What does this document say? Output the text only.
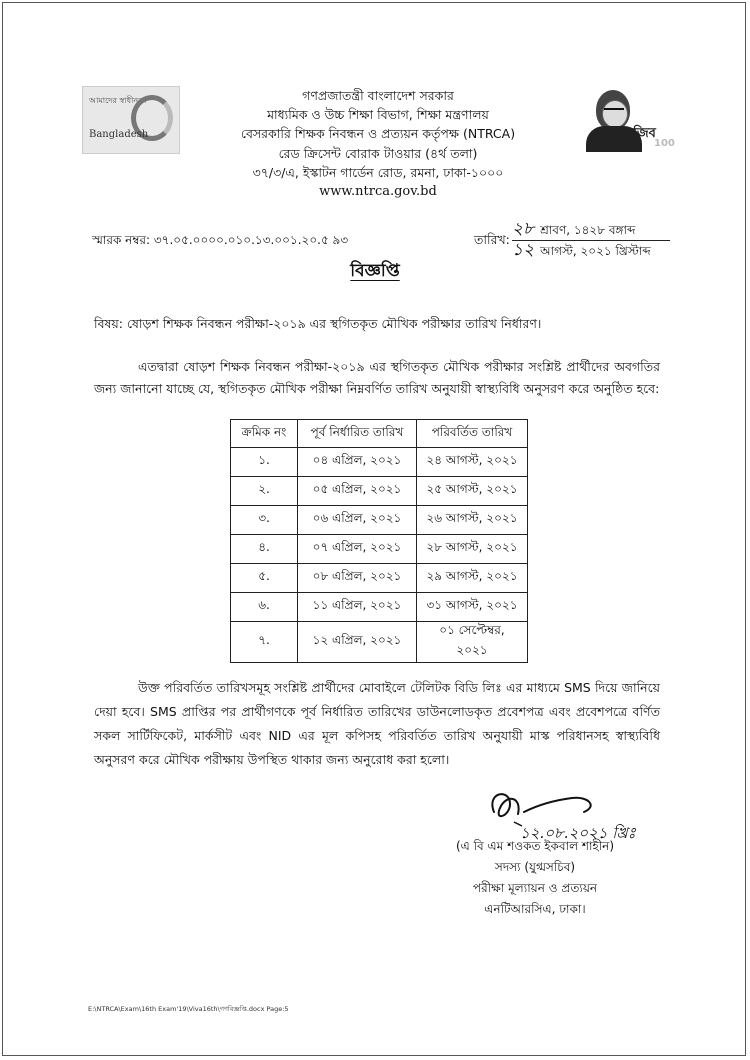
আমাদের স্বাধীনতা
Bangladesh	মুজিব
100
গণপ্রজাতন্ত্রী বাংলাদেশ সরকার
মাধ্যমিক ও উচ্চ শিক্ষা বিভাগ, শিক্ষা মন্ত্রণালয়
বেসরকারি শিক্ষক নিবন্ধন ও প্রত্যয়ন কর্তৃপক্ষ (NTRCA)
রেড ক্রিসেন্ট বোরাক টাওয়ার (৪র্থ তলা)
৩৭/৩/এ, ইস্কাটন গার্ডেন রোড, রমনা, ঢাকা-১০০০
www.ntrca.gov.bd
স্মারক নম্বর: ৩৭.০৫.০০০০.০১০.১৩.০০১.২০.৫ ৯৩	তারিখ:
২৮ শ্রাবণ, ১৪২৮ বঙ্গাব্দ
১২ আগস্ট, ২০২১ খ্রিস্টাব্দ
বিজ্ঞপ্তি
বিষয়: ষোড়শ শিক্ষক নিবন্ধন পরীক্ষা-২০১৯ এর স্থগিতকৃত মৌখিক পরীক্ষার তারিখ নির্ধারণ।
এতদ্বারা ষোড়শ শিক্ষক নিবন্ধন পরীক্ষা-২০১৯ এর স্থগিতকৃত মৌখিক পরীক্ষার সংশ্লিষ্ট প্রার্থীদের অবগতির জন্য জানানো যাচ্ছে যে, স্থগিতকৃত মৌখিক পরীক্ষা নিম্নবর্ণিত তারিখ অনুযায়ী স্বাস্থ্যবিধি অনুসরণ করে অনুষ্ঠিত হবে:
ক্রমিক নং	পূর্ব নির্ধারিত তারিখ	পরিবর্তিত তারিখ
১.	০৪ এপ্রিল, ২০২১	২৪ আগস্ট, ২০২১
২.	০৫ এপ্রিল, ২০২১	২৫ আগস্ট, ২০২১
৩.	০৬ এপ্রিল, ২০২১	২৬ আগস্ট, ২০২১
৪.	০৭ এপ্রিল, ২০২১	২৮ আগস্ট, ২০২১
৫.	০৮ এপ্রিল, ২০২১	২৯ আগস্ট, ২০২১
৬.	১১ এপ্রিল, ২০২১	৩১ আগস্ট, ২০২১
৭.	১২ এপ্রিল, ২০২১	০১ সেপ্টেম্বর, ২০২১
উক্ত পরিবর্তিত তারিখসমূহ সংশ্লিষ্ট প্রার্থীদের মোবাইলে টেলিটক বিডি লিঃ এর মাধ্যমে SMS দিয়ে জানিয়ে দেয়া হবে। SMS প্রাপ্তির পর প্রার্থীগণকে পূর্ব নির্ধারিত তারিখের ডাউনলোডকৃত প্রবেশপত্র এবং প্রবেশপত্রে বর্ণিত সকল সার্টিফিকেট, মার্কসীট এবং NID এর মূল কপিসহ পরিবর্তিত তারিখ অনুযায়ী মাস্ক পরিধানসহ স্বাস্থ্যবিধি অনুসরণ করে মৌখিক পরীক্ষায় উপস্থিত থাকার জন্য অনুরোধ করা হলো।
১২.০৮.২০২১ খ্রিঃ
(এ বি এম শওকত ইকবাল শাহীন)
সদস্য (যুগ্মসচিব)
পরীক্ষা মূল্যায়ন ও প্রত্যয়ন
এনটিআরসিএ, ঢাকা।
E:\NTRCA\Exam\16th Exam'19\Viva16th\গণবিজ্ঞপ্তি.docx Page:5
